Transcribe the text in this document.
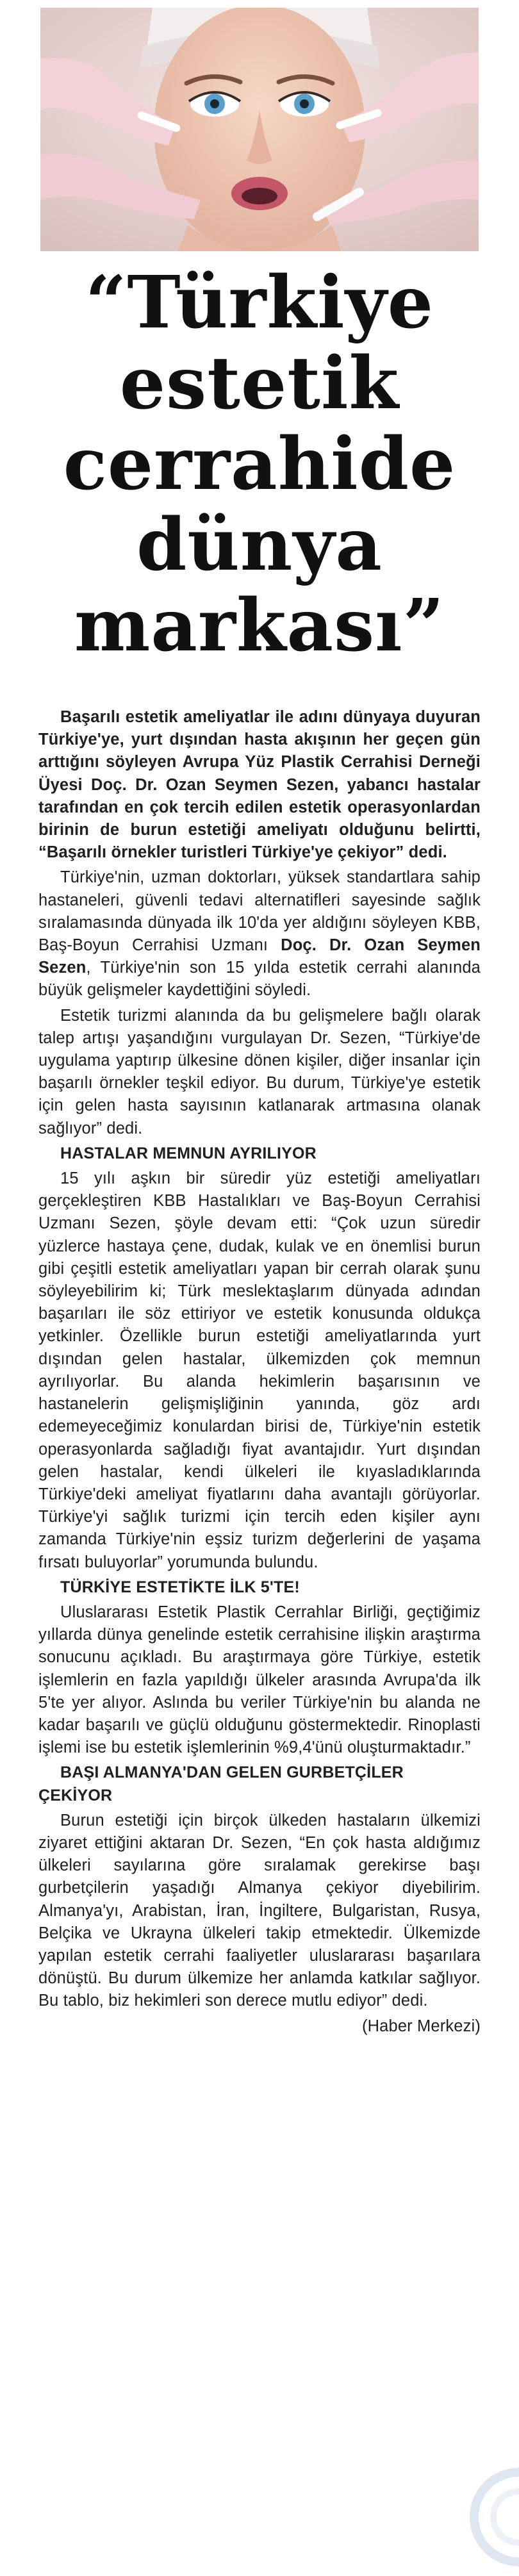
“Türkiye estetik cerrahide dünya markası”

Başarılı estetik ameliyatlar ile adını dünyaya duyuran Türkiye'ye, yurt dışından hasta akışının her geçen gün arttığını söyleyen Avrupa Yüz Plastik Cerrahisi Derneği Üyesi Doç. Dr. Ozan Seymen Sezen, yabancı hastalar tarafından en çok tercih edilen estetik operasyonlardan birinin de burun estetiği ameliyatı olduğunu belirtti, “Başarılı örnekler turistleri Türkiye'ye çekiyor” dedi.

Türkiye'nin, uzman doktorları, yüksek standartlara sahip hastaneleri, güvenli tedavi alternatifleri sayesinde sağlık sıralamasında dünyada ilk 10'da yer aldığını söyleyen KBB, Baş-Boyun Cerrahisi Uzmanı Doç. Dr. Ozan Seymen Sezen, Türkiye'nin son 15 yılda estetik cerrahi alanında büyük gelişmeler kaydettiğini söyledi.

Estetik turizmi alanında da bu gelişmelere bağlı olarak talep artışı yaşandığını vurgulayan Dr. Sezen, “Türkiye'de uygulama yaptırıp ülkesine dönen kişiler, diğer insanlar için başarılı örnekler teşkil ediyor. Bu durum, Türkiye'ye estetik için gelen hasta sayısının katlanarak artmasına olanak sağlıyor” dedi.

HASTALAR MEMNUN AYRILIYOR

15 yılı aşkın bir süredir yüz estetiği ameliyatları gerçekleştiren KBB Hastalıkları ve Baş-Boyun Cerrahisi Uzmanı Sezen, şöyle devam etti: “Çok uzun süredir yüzlerce hastaya çene, dudak, kulak ve en önemlisi burun gibi çeşitli estetik ameliyatları yapan bir cerrah olarak şunu söyleyebilirim ki; Türk meslektaşlarım dünyada adından başarıları ile söz ettiriyor ve estetik konusunda oldukça yetkinler. Özellikle burun estetiği ameliyatlarında yurt dışından gelen hastalar, ülkemizden çok memnun ayrılıyorlar. Bu alanda hekimlerin başarısının ve hastanelerin gelişmişliğinin yanında, göz ardı edemeyeceğimiz konulardan birisi de, Türkiye'nin estetik operasyonlarda sağladığı fiyat avantajıdır. Yurt dışından gelen hastalar, kendi ülkeleri ile kıyasladıklarında Türkiye'deki ameliyat fiyatlarını daha avantajlı görüyorlar. Türkiye'yi sağlık turizmi için tercih eden kişiler aynı zamanda Türkiye'nin eşsiz turizm değerlerini de yaşama fırsatı buluyorlar” yorumunda bulundu.

TÜRKİYE ESTETİKTE İLK 5'TE!

Uluslararası Estetik Plastik Cerrahlar Birliği, geçtiğimiz yıllarda dünya genelinde estetik cerrahisine ilişkin araştırma sonucunu açıkladı. Bu araştırmaya göre Türkiye, estetik işlemlerin en fazla yapıldığı ülkeler arasında Avrupa'da ilk 5'te yer alıyor. Aslında bu veriler Türkiye'nin bu alanda ne kadar başarılı ve güçlü olduğunu göstermektedir. Rinoplasti işlemi ise bu estetik işlemlerinin %9,4'ünü oluşturmaktadır.”

BAŞI ALMANYA'DAN GELEN GURBETÇİLER ÇEKİYOR

Burun estetiği için birçok ülkeden hastaların ülkemizi ziyaret ettiğini aktaran Dr. Sezen, “En çok hasta aldığımız ülkeleri sayılarına göre sıralamak gerekirse başı gurbetçilerin yaşadığı Almanya çekiyor diyebilirim. Almanya'yı, Arabistan, İran, İngiltere, Bulgaristan, Rusya, Belçika ve Ukrayna ülkeleri takip etmektedir. Ülkemizde yapılan estetik cerrahi faaliyetler uluslararası başarılara dönüştü. Bu durum ülkemize her anlamda katkılar sağlıyor. Bu tablo, biz hekimleri son derece mutlu ediyor” dedi.

(Haber Merkezi)
